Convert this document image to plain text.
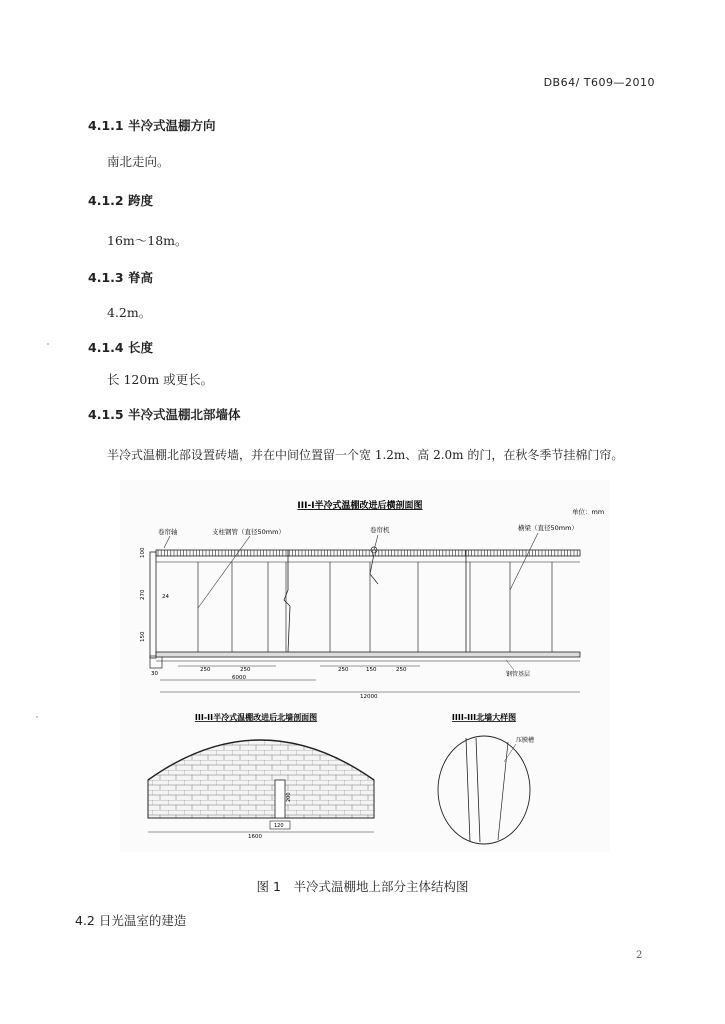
DB64/ T609—2010
4.1.1 半冷式温棚方向
南北走向。
4.1.2 跨度
16m～18m。
4.1.3 脊高
4.2m。
4.1.4 长度
长 120m 或更长。
4.1.5 半冷式温棚北部墙体
半冷式温棚北部设置砖墙，并在中间位置留一个宽 1.2m、高 2.0m 的门，在秋冬季节挂棉门帘。
III-I半冷式温棚改进后横剖面图
单位：mm
卷帘轴	支柱钢管（直径50mm）	卷帘机	横梁（直径50mm）
100
270	24
150
30
250	250	250	150	250
6000	钢管基层
12000
III-II半冷式温棚改进后北墙剖面图
200
120
1600
IIII-III北墙大样图
压膜槽
图 1　半冷式温棚地上部分主体结构图
4.2 日光温室的建造
2
